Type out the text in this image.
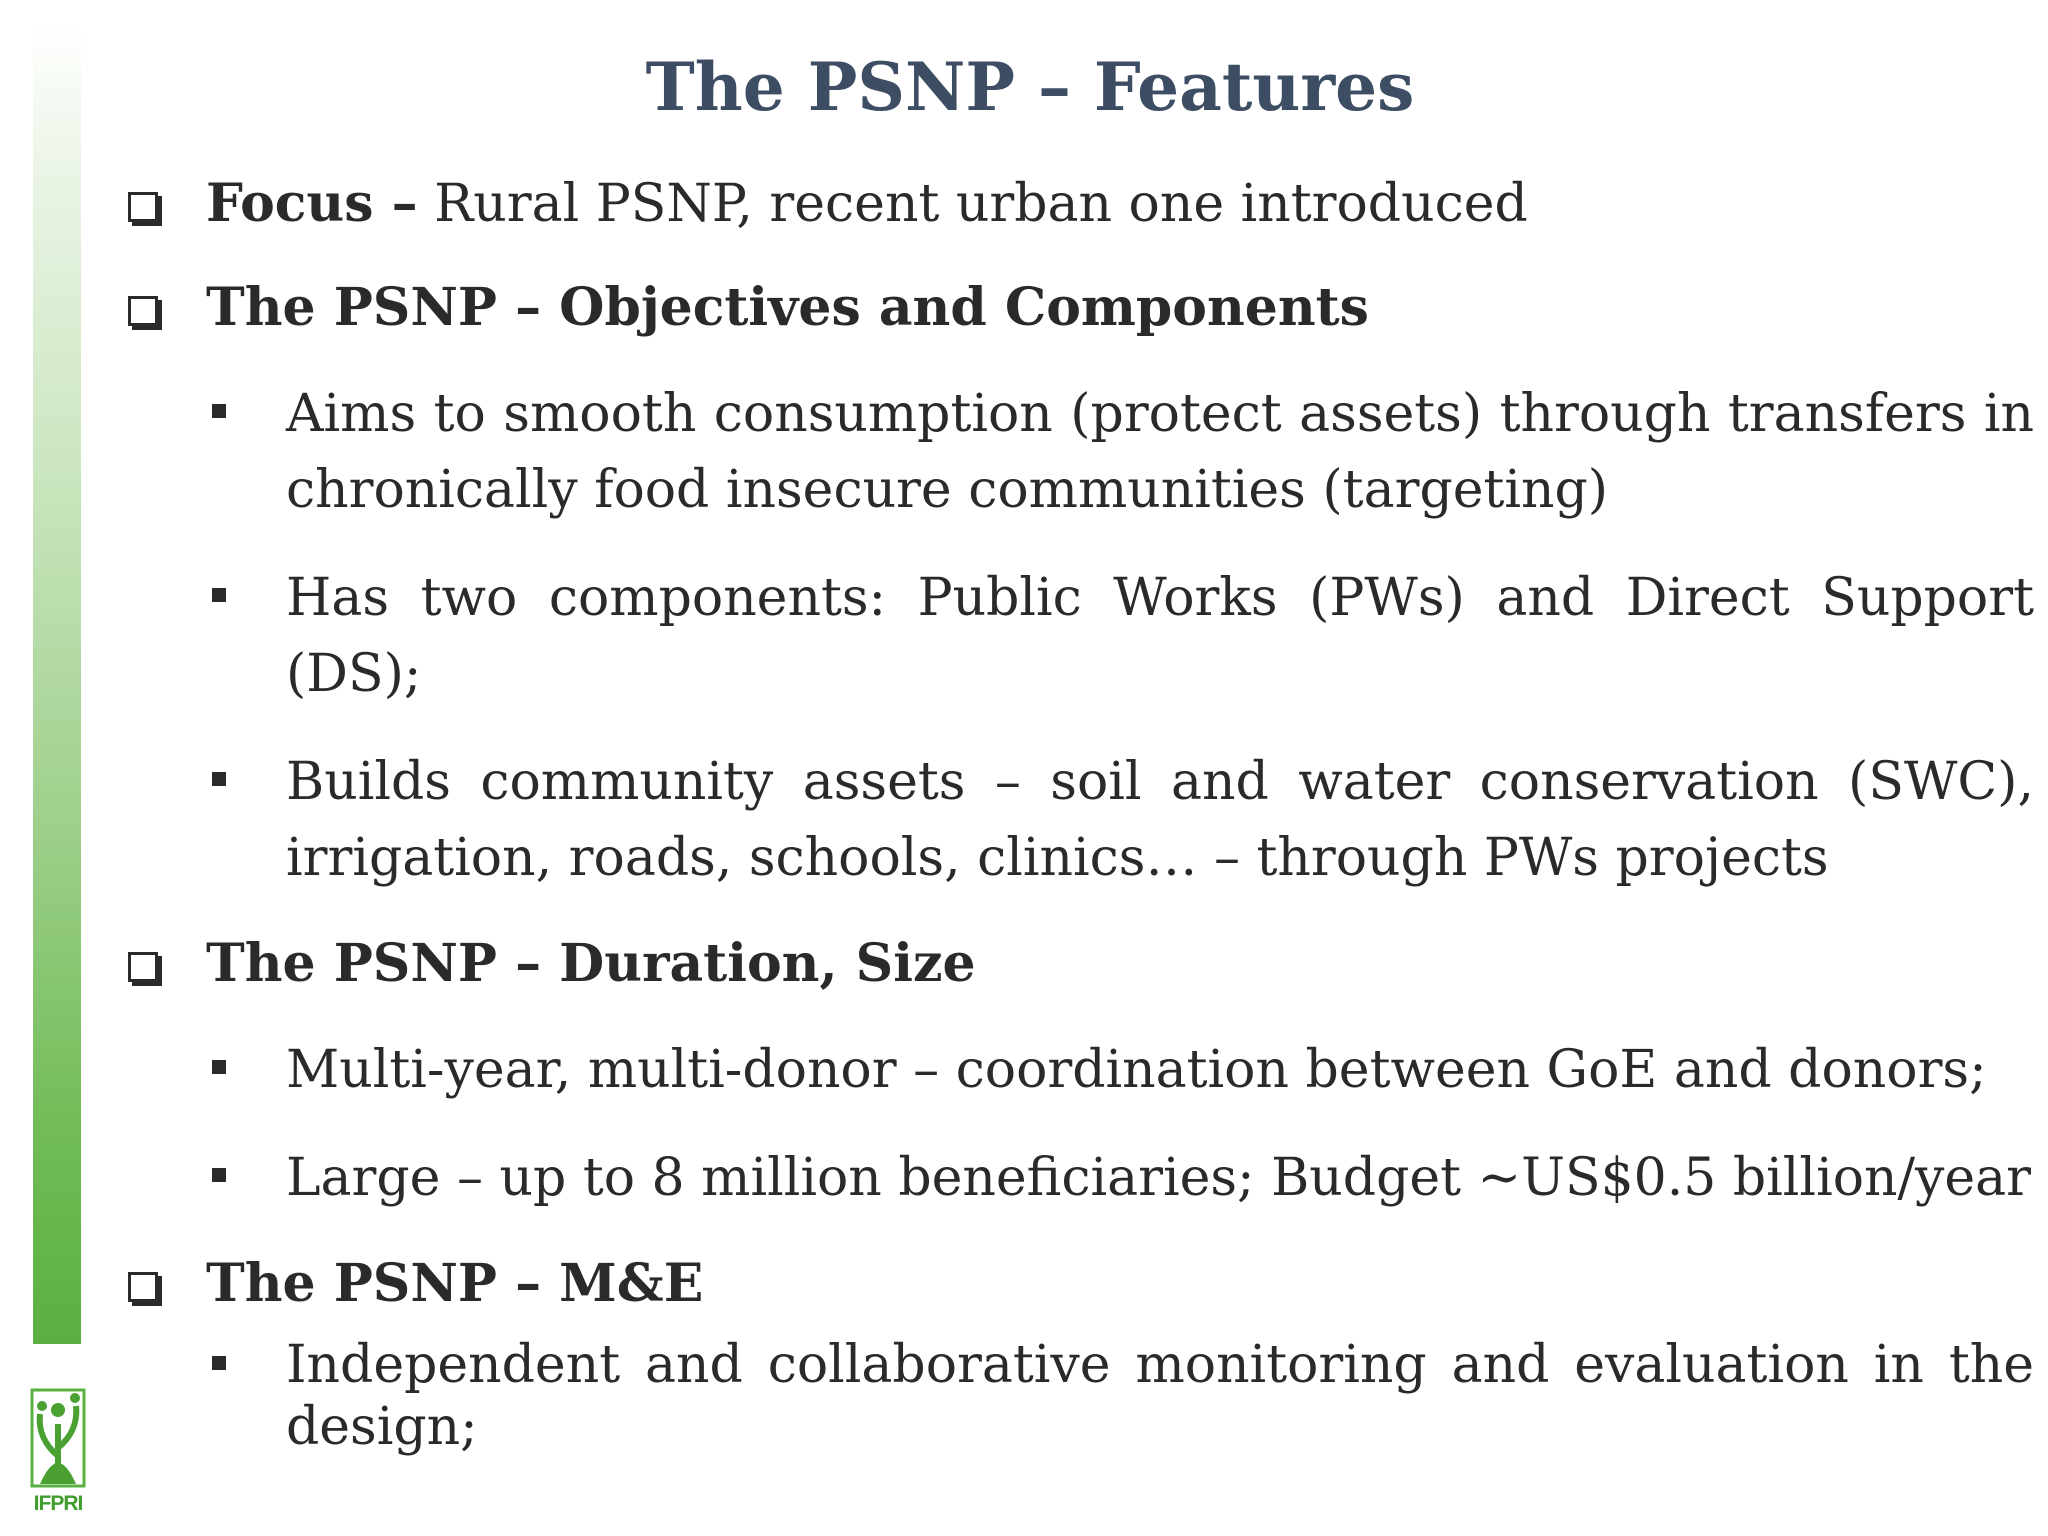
IFPRI
The PSNP – Features
Focus – Rural PSNP, recent urban one introduced
The PSNP – Objectives and Components
Aims to smooth consumption (protect assets) through transfers in chronically food insecure communities (targeting)
Has two components: Public Works (PWs) and Direct Support (DS);
Builds community assets – soil and water conservation (SWC), irrigation, roads, schools, clinics… – through PWs projects
The PSNP – Duration, Size
Multi-year, multi-donor – coordination between GoE and donors;
Large – up to 8 million beneficiaries; Budget ~US$0.5 billion/year
The PSNP – M&E
Independent and collaborative monitoring and evaluation in the design;
